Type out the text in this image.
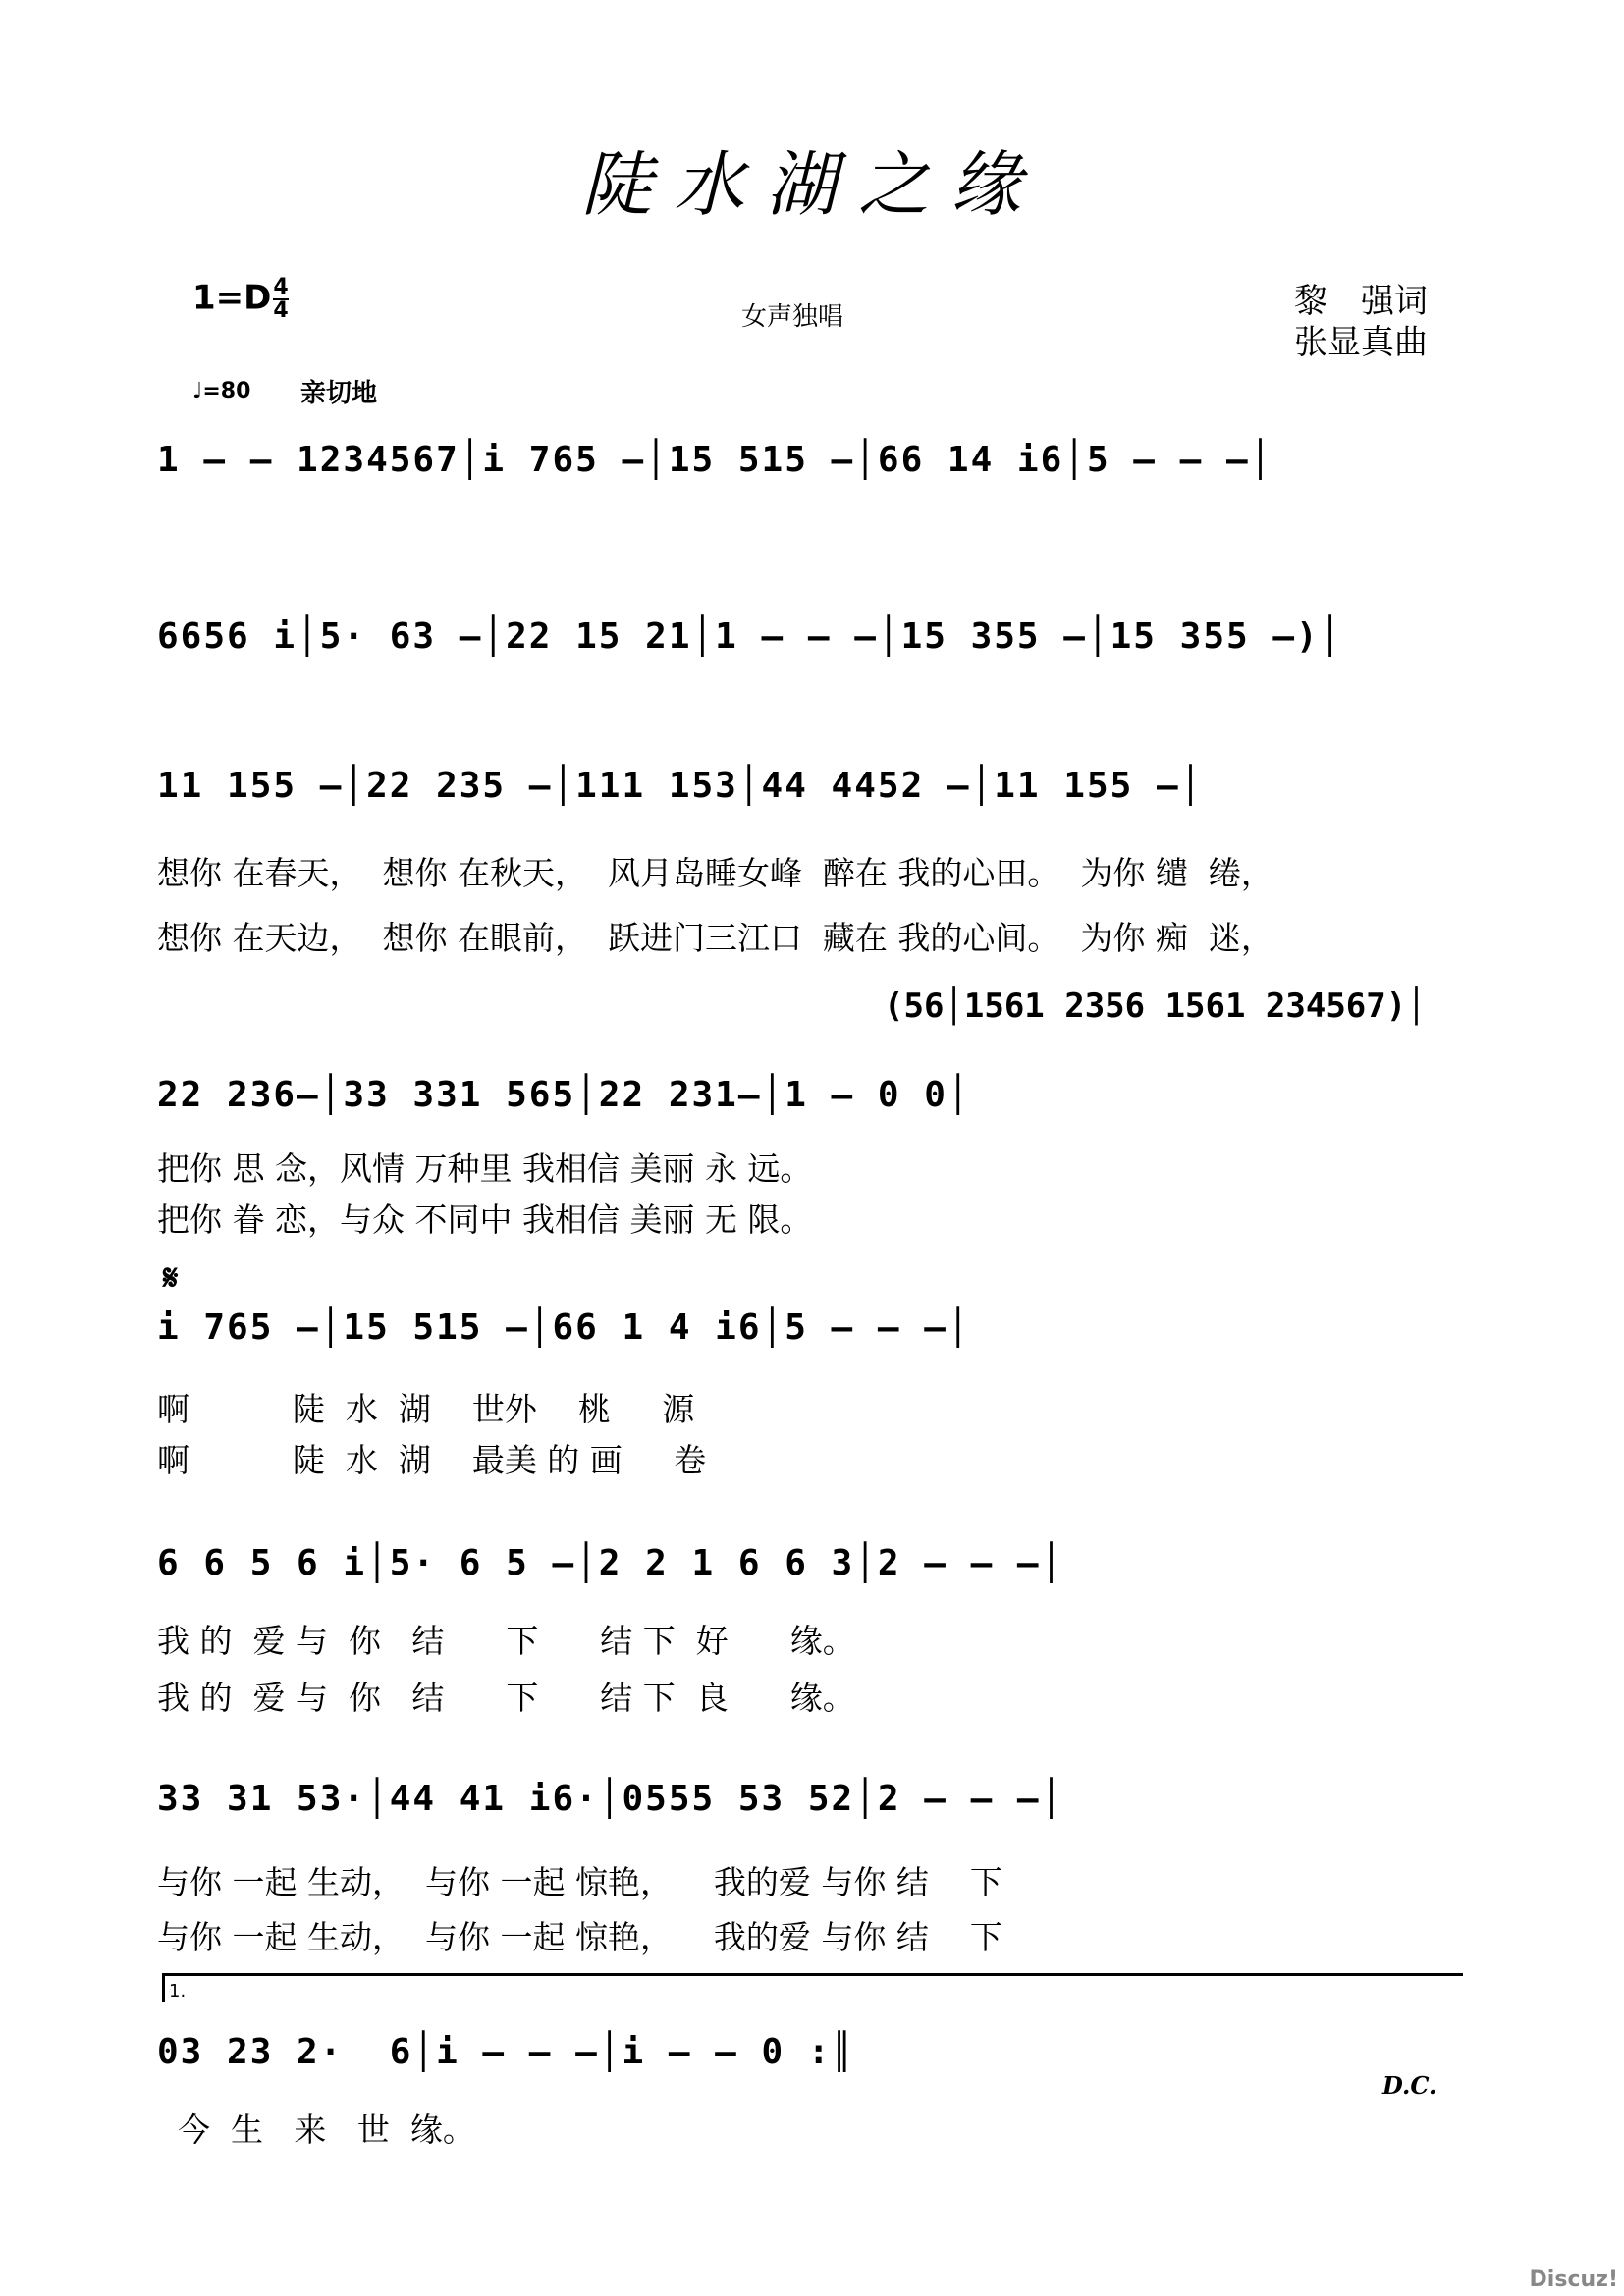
陡水湖之缘
$1=D \frac{4}{4}$	女声独唱	黎　强词
张显真曲
♩=80 亲切地
1 – – 1234567│i 765 –│15 515 –│66 14 i6│5 – – –│
6656 i│5· 63 –│22 15 21│1 – – –│15 355 –│15 355 –)│
11 155 –│22 235 –│111 153│44 4452 –│11 155 –│
想你 在春天，  想你 在秋天，  风月岛睡女峰  醉在 我的心田。  为你 缱  绻，
想你 在天边，  想你 在眼前，  跃进门三江口  藏在 我的心间。  为你 痴  迷，
(56│1561 2356 1561 234567)│
22 236–│33 331 565│22 231–│1 – 0 0│
把你 思 念，风情 万种里 我相信 美丽 永 远。
把你 眷 恋，与众 不同中 我相信 美丽 无 限。
𝄋
i 765 –│15 515 –│66 1 4 i6│5 – – –│
啊          陡  水  湖    世外    桃     源
啊          陡  水  湖    最美 的 画     卷
6 6 5 6 i│5· 6 5 –│2 2 1 6 6 3│2 – – –│
我 的  爱 与  你   结      下      结 下  好      缘。
我 的  爱 与  你   结      下      结 下  良      缘。
33 31 53·│44 41 i6·│0555 53 52│2 – – –│
与你 一起 生动，  与你 一起 惊艳，    我的爱 与你 结    下
与你 一起 生动，  与你 一起 惊艳，    我的爱 与你 结    下
1.
03 23 2·  6│i – – –│i – – 0 :║
今  生   来   世  缘。
D.C.
Discuz!
